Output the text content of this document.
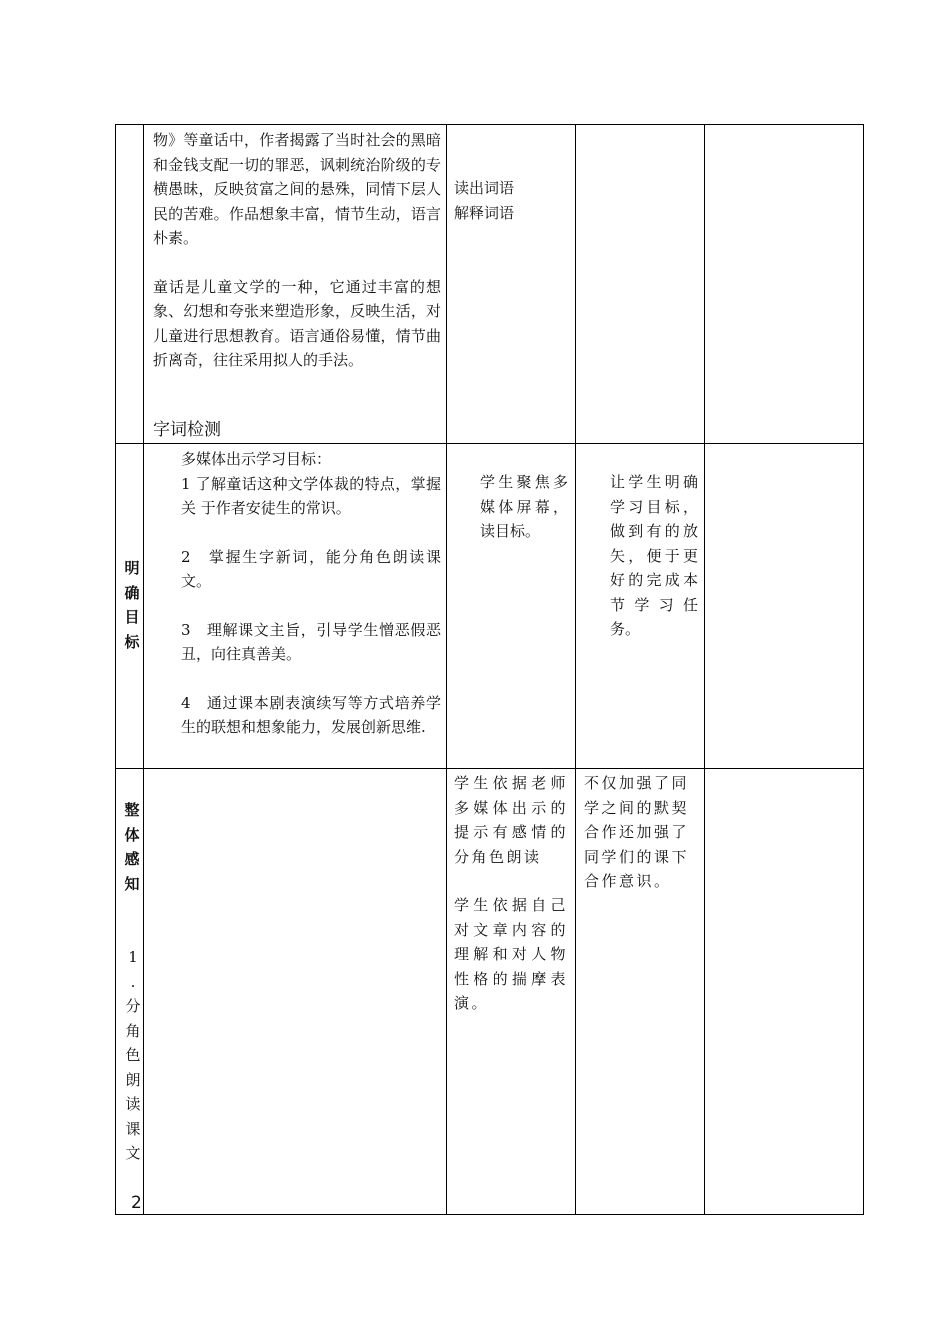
物》等童话中，作者揭露了当时社会的黑暗和金钱支配一切的罪恶，讽刺统治阶级的专横愚昧，反映贫富之间的悬殊，同情下层人民的苦难。作品想象丰富，情节生动，语言朴素。

童话是儿童文学的一种，它通过丰富的想象、幻想和夸张来塑造形象，反映生活，对儿童进行思想教育。语言通俗易懂，情节曲折离奇，往往采用拟人的手法。

字词检测

读出词语

解释词语

明
确
目
标

多媒体出示学习目标：

1 了解童话这种文学体裁的特点，掌握关 于作者安徒生的常识。

2　掌握生字新词，能分角色朗读课文。

3　理解课文主旨，引导学生憎恶假恶丑，向往真善美。

4　通过课本剧表演续写等方式培养学生的联想和想象能力，发展创新思维.

学生聚焦多媒体屏幕，读目标。
让学生明确学习目标，做到有的放矢，便于更好的完成本节学习任务。
整
体
感
知
1
.
分
角
色
朗
读
课
文
2

学生依据老师多媒体出示的提示有感情的分角色朗读

学生依据自己对文章内容的理解和对人物性格的揣摩表演。

不仅加强了同学之间的默契合作还加强了同学们的课下合作意识。
